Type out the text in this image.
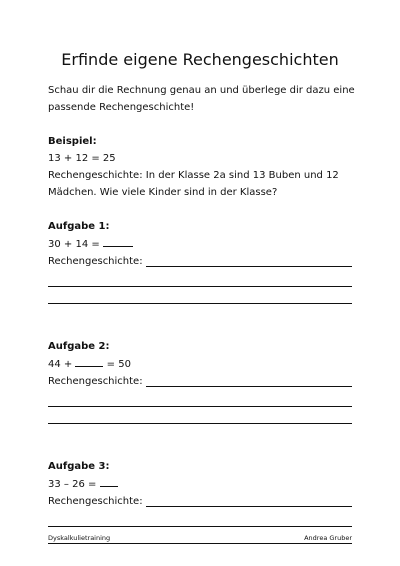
Erfinde eigene Rechengeschichten

Schau dir die Rechnung genau an und überlege dir dazu eine
passende Rechengeschichte!

Beispiel:
13 + 12 = 25
Rechengeschichte: In der Klasse 2a sind 13 Buben und 12
Mädchen. Wie viele Kinder sind in der Klasse?
Aufgabe 1:
30 + 14 =
Rechengeschichte:
Aufgabe 2:
44 +	= 50
Rechengeschichte:
Aufgabe 3:
33 – 26 =
Rechengeschichte:
Dyskalkulietraining	Andrea Gruber
